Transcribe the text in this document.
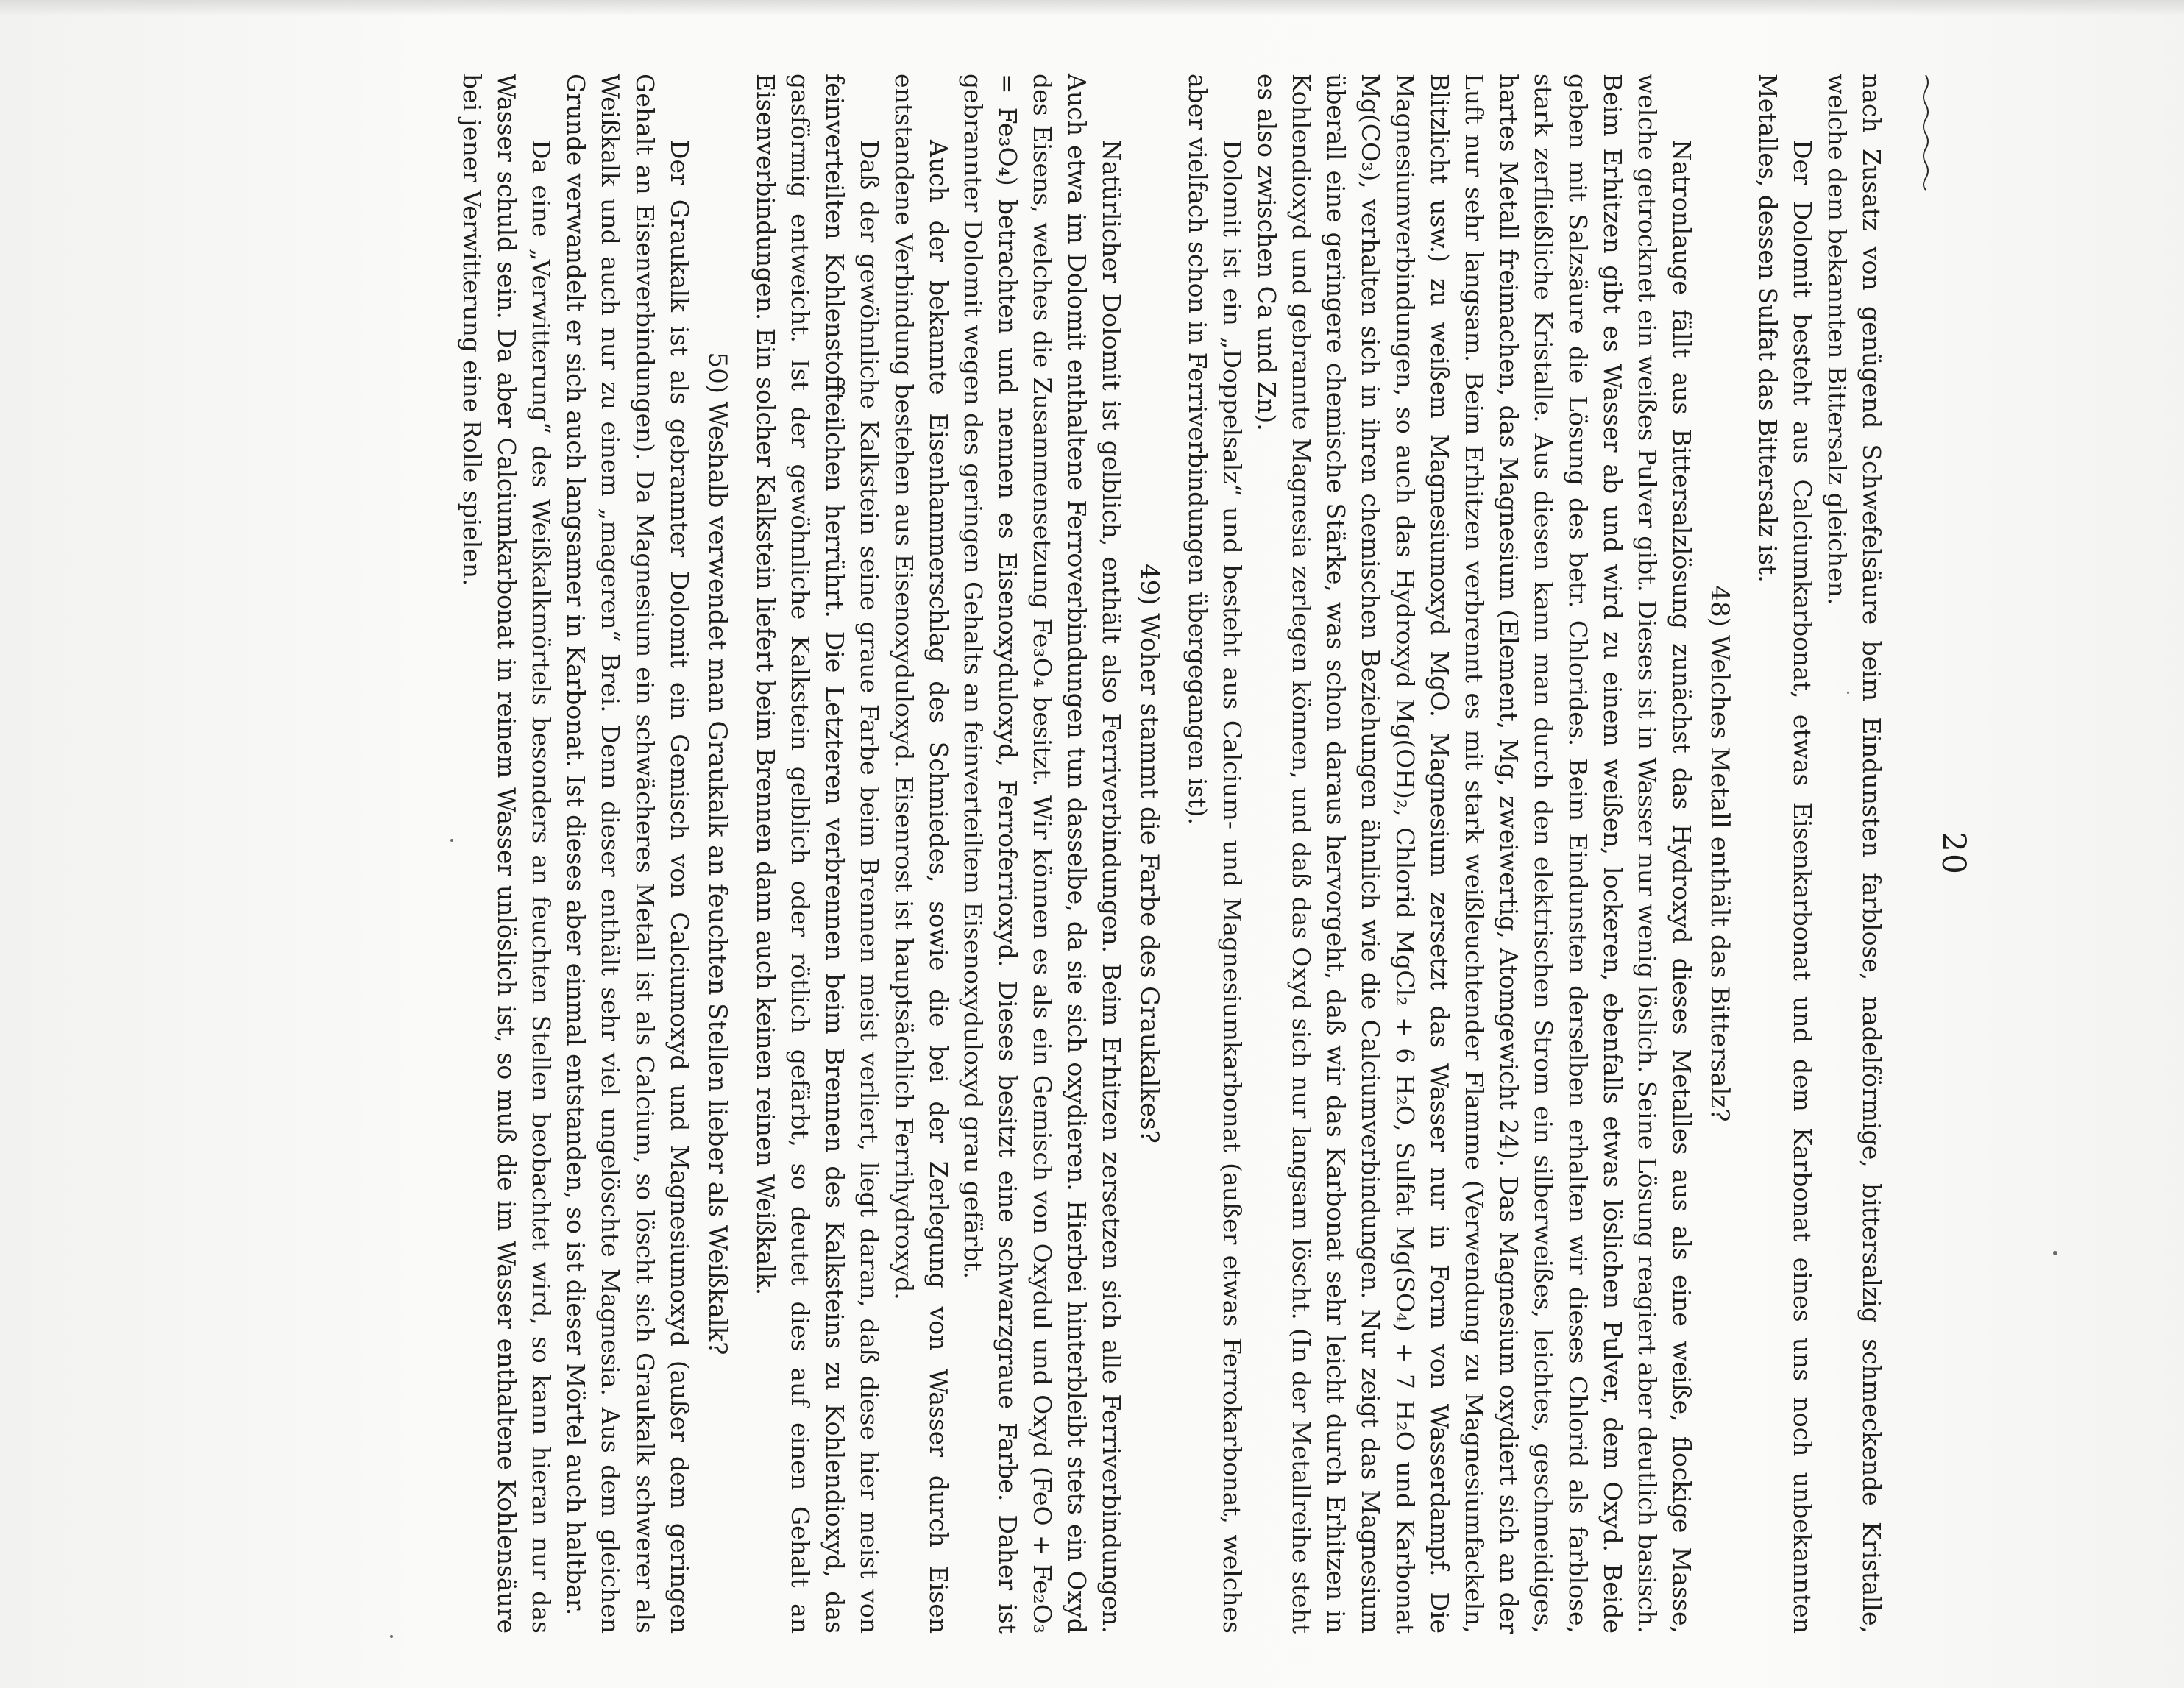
20

nach Zusatz von genügend Schwefelsäure beim Eindunsten farblose, nadelförmige, bittersalzig schmeckende Kristalle, welche dem bekannten Bittersalz gleichen.

Der Dolomit besteht aus Calciumkarbonat, etwas Eisenkarbonat und dem Karbonat eines uns noch unbekannten Metalles, dessen Sulfat das Bittersalz ist.

48) Welches Metall enthält das Bittersalz?

Natronlauge fällt aus Bittersalzlösung zunächst das Hydroxyd dieses Metalles aus als eine weiße, flockige Masse, welche getrocknet ein weißes Pulver gibt. Dieses ist in Wasser nur wenig löslich. Seine Lösung reagiert aber deutlich basisch. Beim Erhitzen gibt es Wasser ab und wird zu einem weißen, lockeren, ebenfalls etwas löslichen Pulver, dem Oxyd. Beide geben mit Salzsäure die Lösung des betr. Chlorides. Beim Eindunsten derselben erhalten wir dieses Chlorid als farblose, stark zerfließliche Kristalle. Aus diesen kann man durch den elektrischen Strom ein silberweißes, leichtes, geschmeidiges, hartes Metall freimachen, das Magnesium (Element, Mg, zweiwertig, Atomgewicht 24). Das Magnesium oxydiert sich an der Luft nur sehr langsam. Beim Erhitzen verbrennt es mit stark weißleuchtender Flamme (Verwendung zu Magnesiumfackeln, Blitzlicht usw.) zu weißem Magnesiumoxyd MgO. Magnesium zersetzt das Wasser nur in Form von Wasserdampf. Die Magnesiumverbindungen, so auch das Hydroxyd Mg(OH)₂, Chlorid MgCl₂ + 6 H₂O, Sulfat Mg(SO₄) + 7 H₂O und Karbonat Mg(CO₃), verhalten sich in ihren chemischen Beziehungen ähnlich wie die Calciumverbindungen. Nur zeigt das Magnesium überall eine geringere chemische Stärke, was schon daraus hervorgeht, daß wir das Karbonat sehr leicht durch Erhitzen in Kohlendioxyd und gebrannte Magnesia zerlegen können, und daß das Oxyd sich nur langsam löscht. (In der Metallreihe steht es also zwischen Ca und Zn).

Dolomit ist ein „Doppelsalz“ und besteht aus Calcium- und Magnesiumkarbonat (außer etwas Ferrokarbonat, welches aber vielfach schon in Ferriverbindungen übergegangen ist).

49) Woher stammt die Farbe des Graukalkes?

Natürlicher Dolomit ist gelblich, enthält also Ferriverbindungen. Beim Erhitzen zersetzen sich alle Ferriverbindungen. Auch etwa im Dolomit enthaltene Ferroverbindungen tun dasselbe, da sie sich oxydieren. Hierbei hinterbleibt stets ein Oxyd des Eisens, welches die Zusammensetzung Fe₃O₄ besitzt. Wir können es als ein Gemisch von Oxydul und Oxyd (FeO + Fe₂O₃ = Fe₃O₄) betrachten und nennen es Eisenoxyduloxyd, Ferroferrioxyd. Dieses besitzt eine schwarzgraue Farbe. Daher ist gebrannter Dolomit wegen des geringen Gehalts an feinverteiltem Eisenoxyduloxyd grau gefärbt.

Auch der bekannte Eisenhammerschlag des Schmiedes, sowie die bei der Zerlegung von Wasser durch Eisen entstandene Verbindung bestehen aus Eisenoxyduloxyd. Eisenrost ist hauptsächlich Ferrihydroxyd.

Daß der gewöhnliche Kalkstein seine graue Farbe beim Brennen meist verliert, liegt daran, daß diese hier meist von feinverteilten Kohlenstoffteilchen herrührt. Die Letzteren verbrennen beim Brennen des Kalksteins zu Kohlendioxyd, das gasförmig entweicht. Ist der gewöhnliche Kalkstein gelblich oder rötlich gefärbt, so deutet dies auf einen Gehalt an Eisenverbindungen. Ein solcher Kalkstein liefert beim Brennen dann auch keinen reinen Weißkalk.

50) Weshalb verwendet man Graukalk an feuchten Stellen lieber als Weißkalk?

Der Graukalk ist als gebrannter Dolomit ein Gemisch von Calciumoxyd und Magnesiumoxyd (außer dem geringen Gehalt an Eisenverbindungen). Da Magnesium ein schwächeres Metall ist als Calcium, so löscht sich Graukalk schwerer als Weißkalk und auch nur zu einem „mageren“ Brei. Denn dieser enthält sehr viel ungelöschte Magnesia. Aus dem gleichen Grunde verwandelt er sich auch langsamer in Karbonat. Ist dieses aber einmal entstanden, so ist dieser Mörtel auch haltbar.

Da eine „Verwitterung“ des Weißkalkmörtels besonders an feuchten Stellen beobachtet wird, so kann hieran nur das Wasser schuld sein. Da aber Calciumkarbonat in reinem Wasser unlöslich ist, so muß die im Wasser enthaltene Kohlensäure bei jener Verwitterung eine Rolle spielen.
